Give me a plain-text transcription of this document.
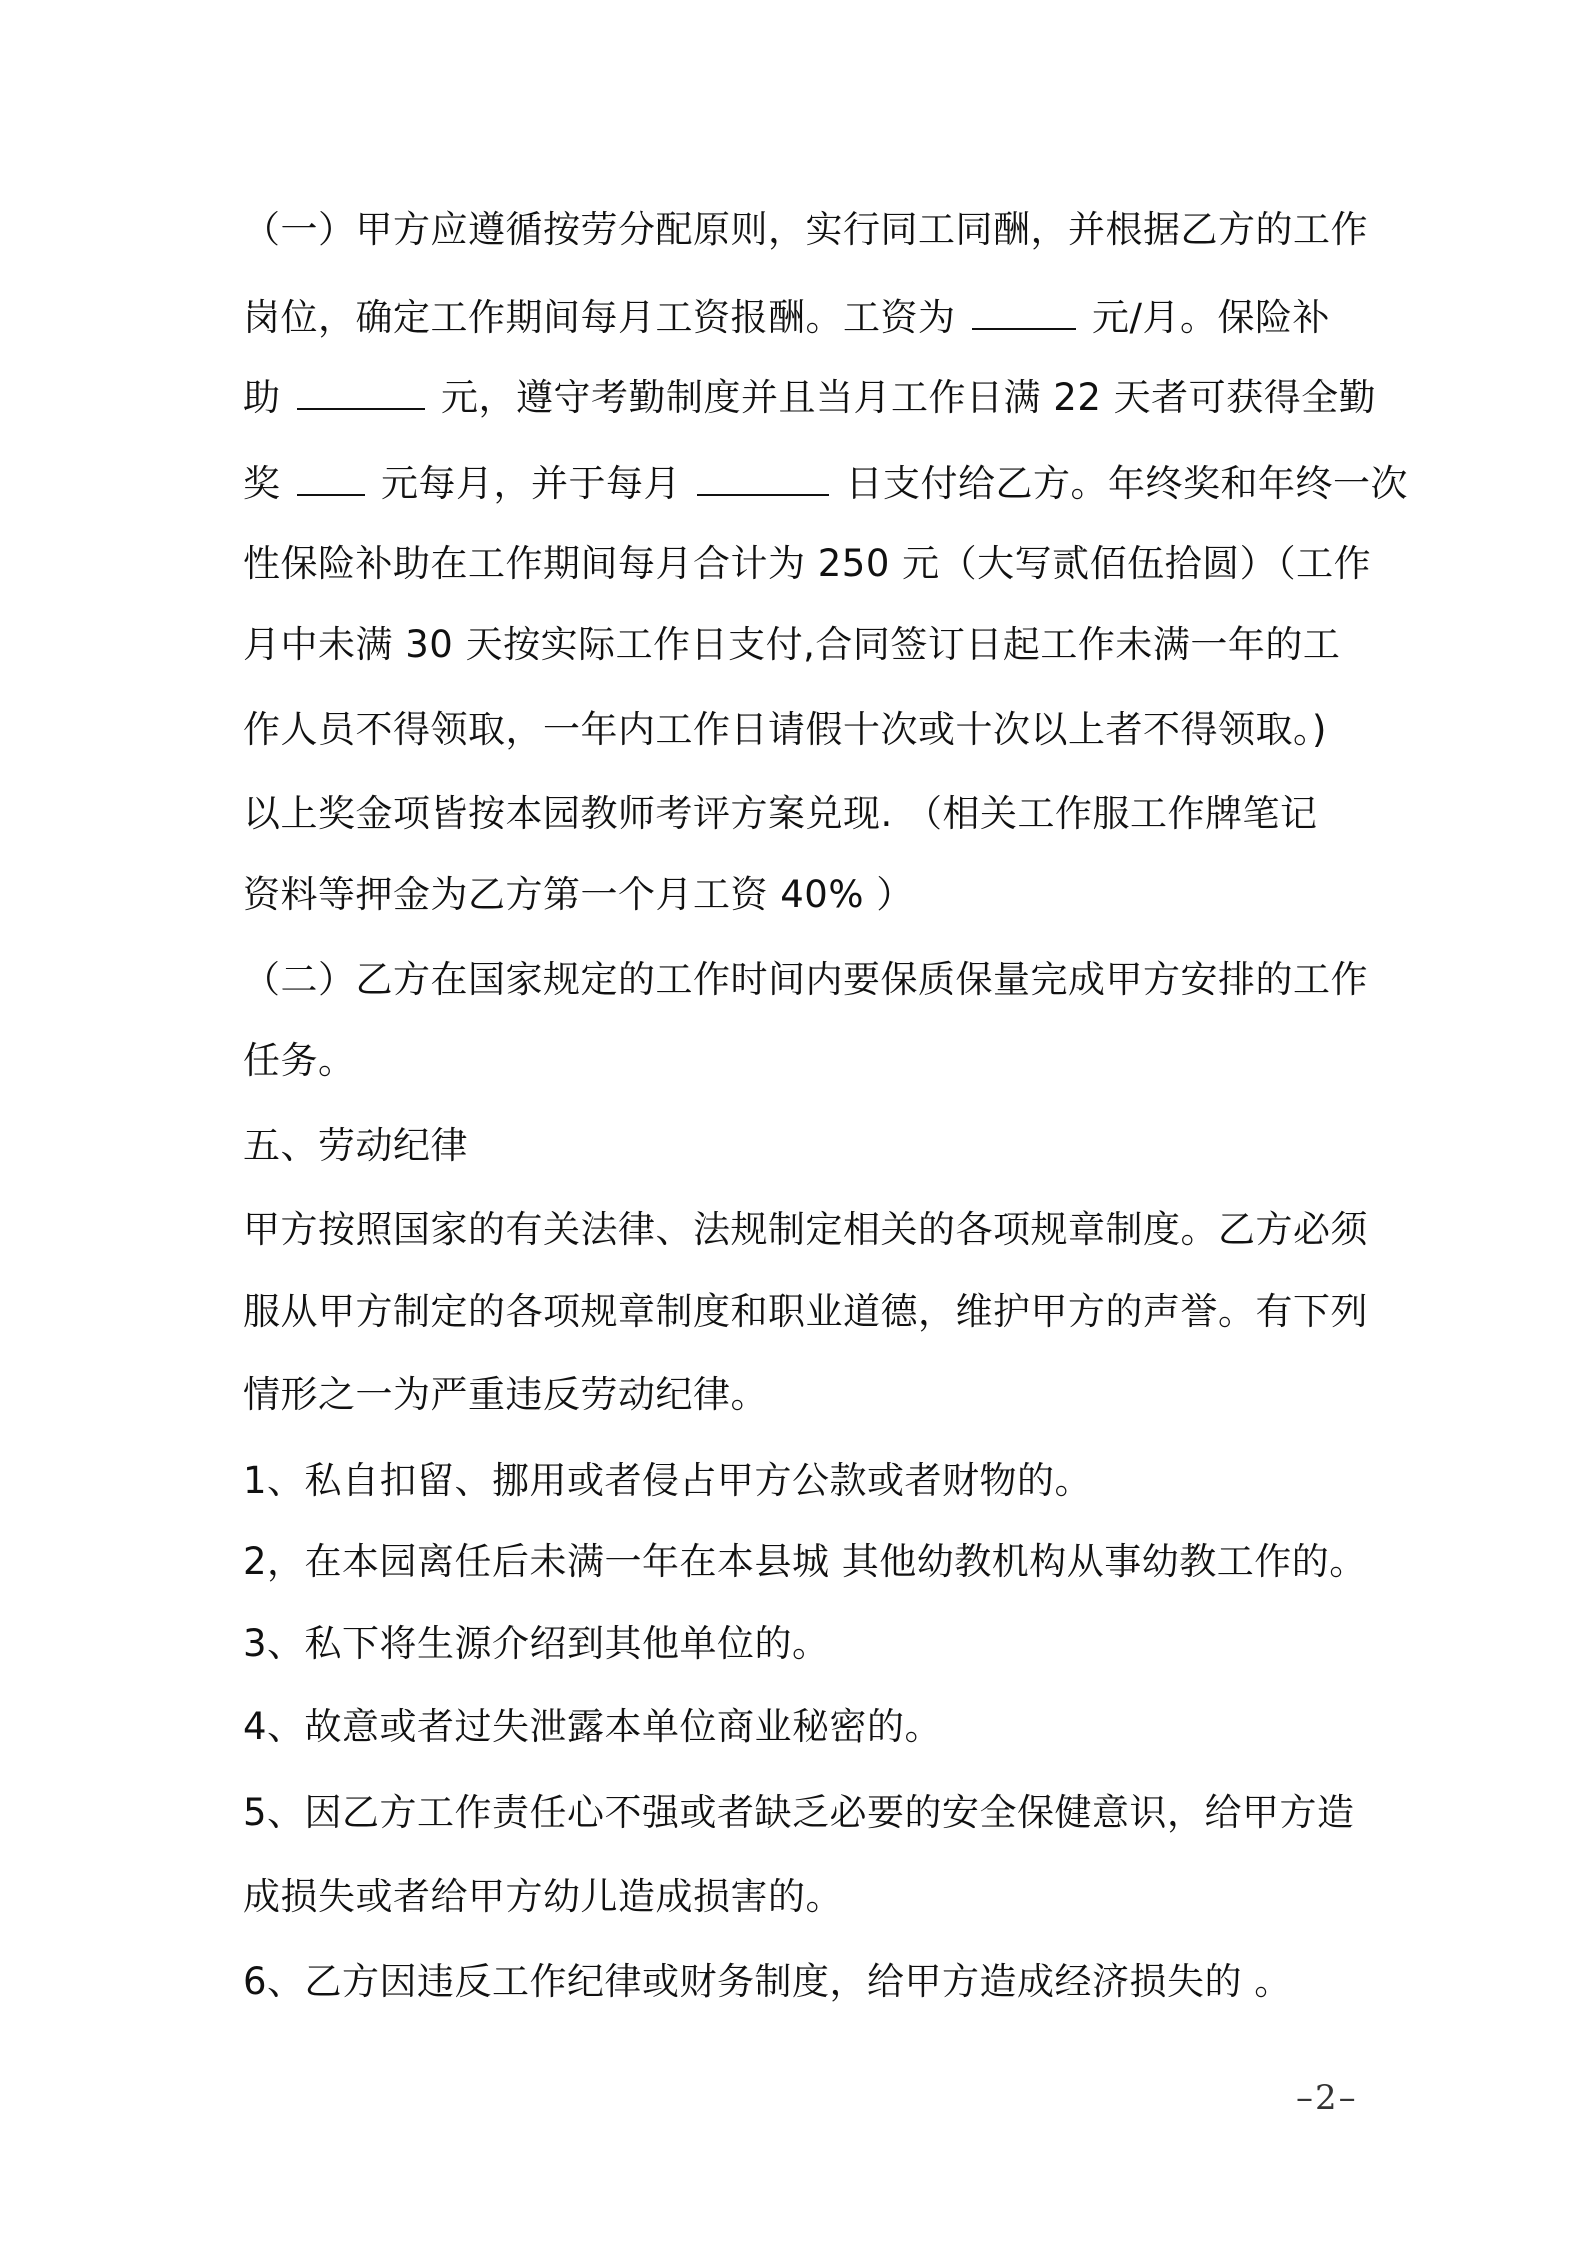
（一）甲方应遵循按劳分配原则，实行同工同酬，并根据乙方的工作
岗位，确定工作期间每月工资报酬。工资为	元/月。保险补
助	元，遵守考勤制度并且当月工作日满 22 天者可获得全勤
奖	元每月，并于每月	日支付给乙方。年终奖和年终一次
性保险补助在工作期间每月合计为 250 元（大写贰佰伍拾圆）（工作
月中未满 30 天按实际工作日支付,合同签订日起工作未满一年的工
作人员不得领取，一年内工作日请假十次或十次以上者不得领取。)
以上奖金项皆按本园教师考评方案兑现. （相关工作服工作牌笔记
资料等押金为乙方第一个月工资 40% ）
（二）乙方在国家规定的工作时间内要保质保量完成甲方安排的工作
任务。
五、劳动纪律
甲方按照国家的有关法律、法规制定相关的各项规章制度。乙方必须
服从甲方制定的各项规章制度和职业道德，维护甲方的声誉。有下列
情形之一为严重违反劳动纪律。
1、私自扣留、挪用或者侵占甲方公款或者财物的。
2，在本园离任后未满一年在本县城 其他幼教机构从事幼教工作的。
3、私下将生源介绍到其他单位的。
4、故意或者过失泄露本单位商业秘密的。
5、因乙方工作责任心不强或者缺乏必要的安全保健意识，给甲方造
成损失或者给甲方幼儿造成损害的。
6、乙方因违反工作纪律或财务制度，给甲方造成经济损失的 。
–2–
